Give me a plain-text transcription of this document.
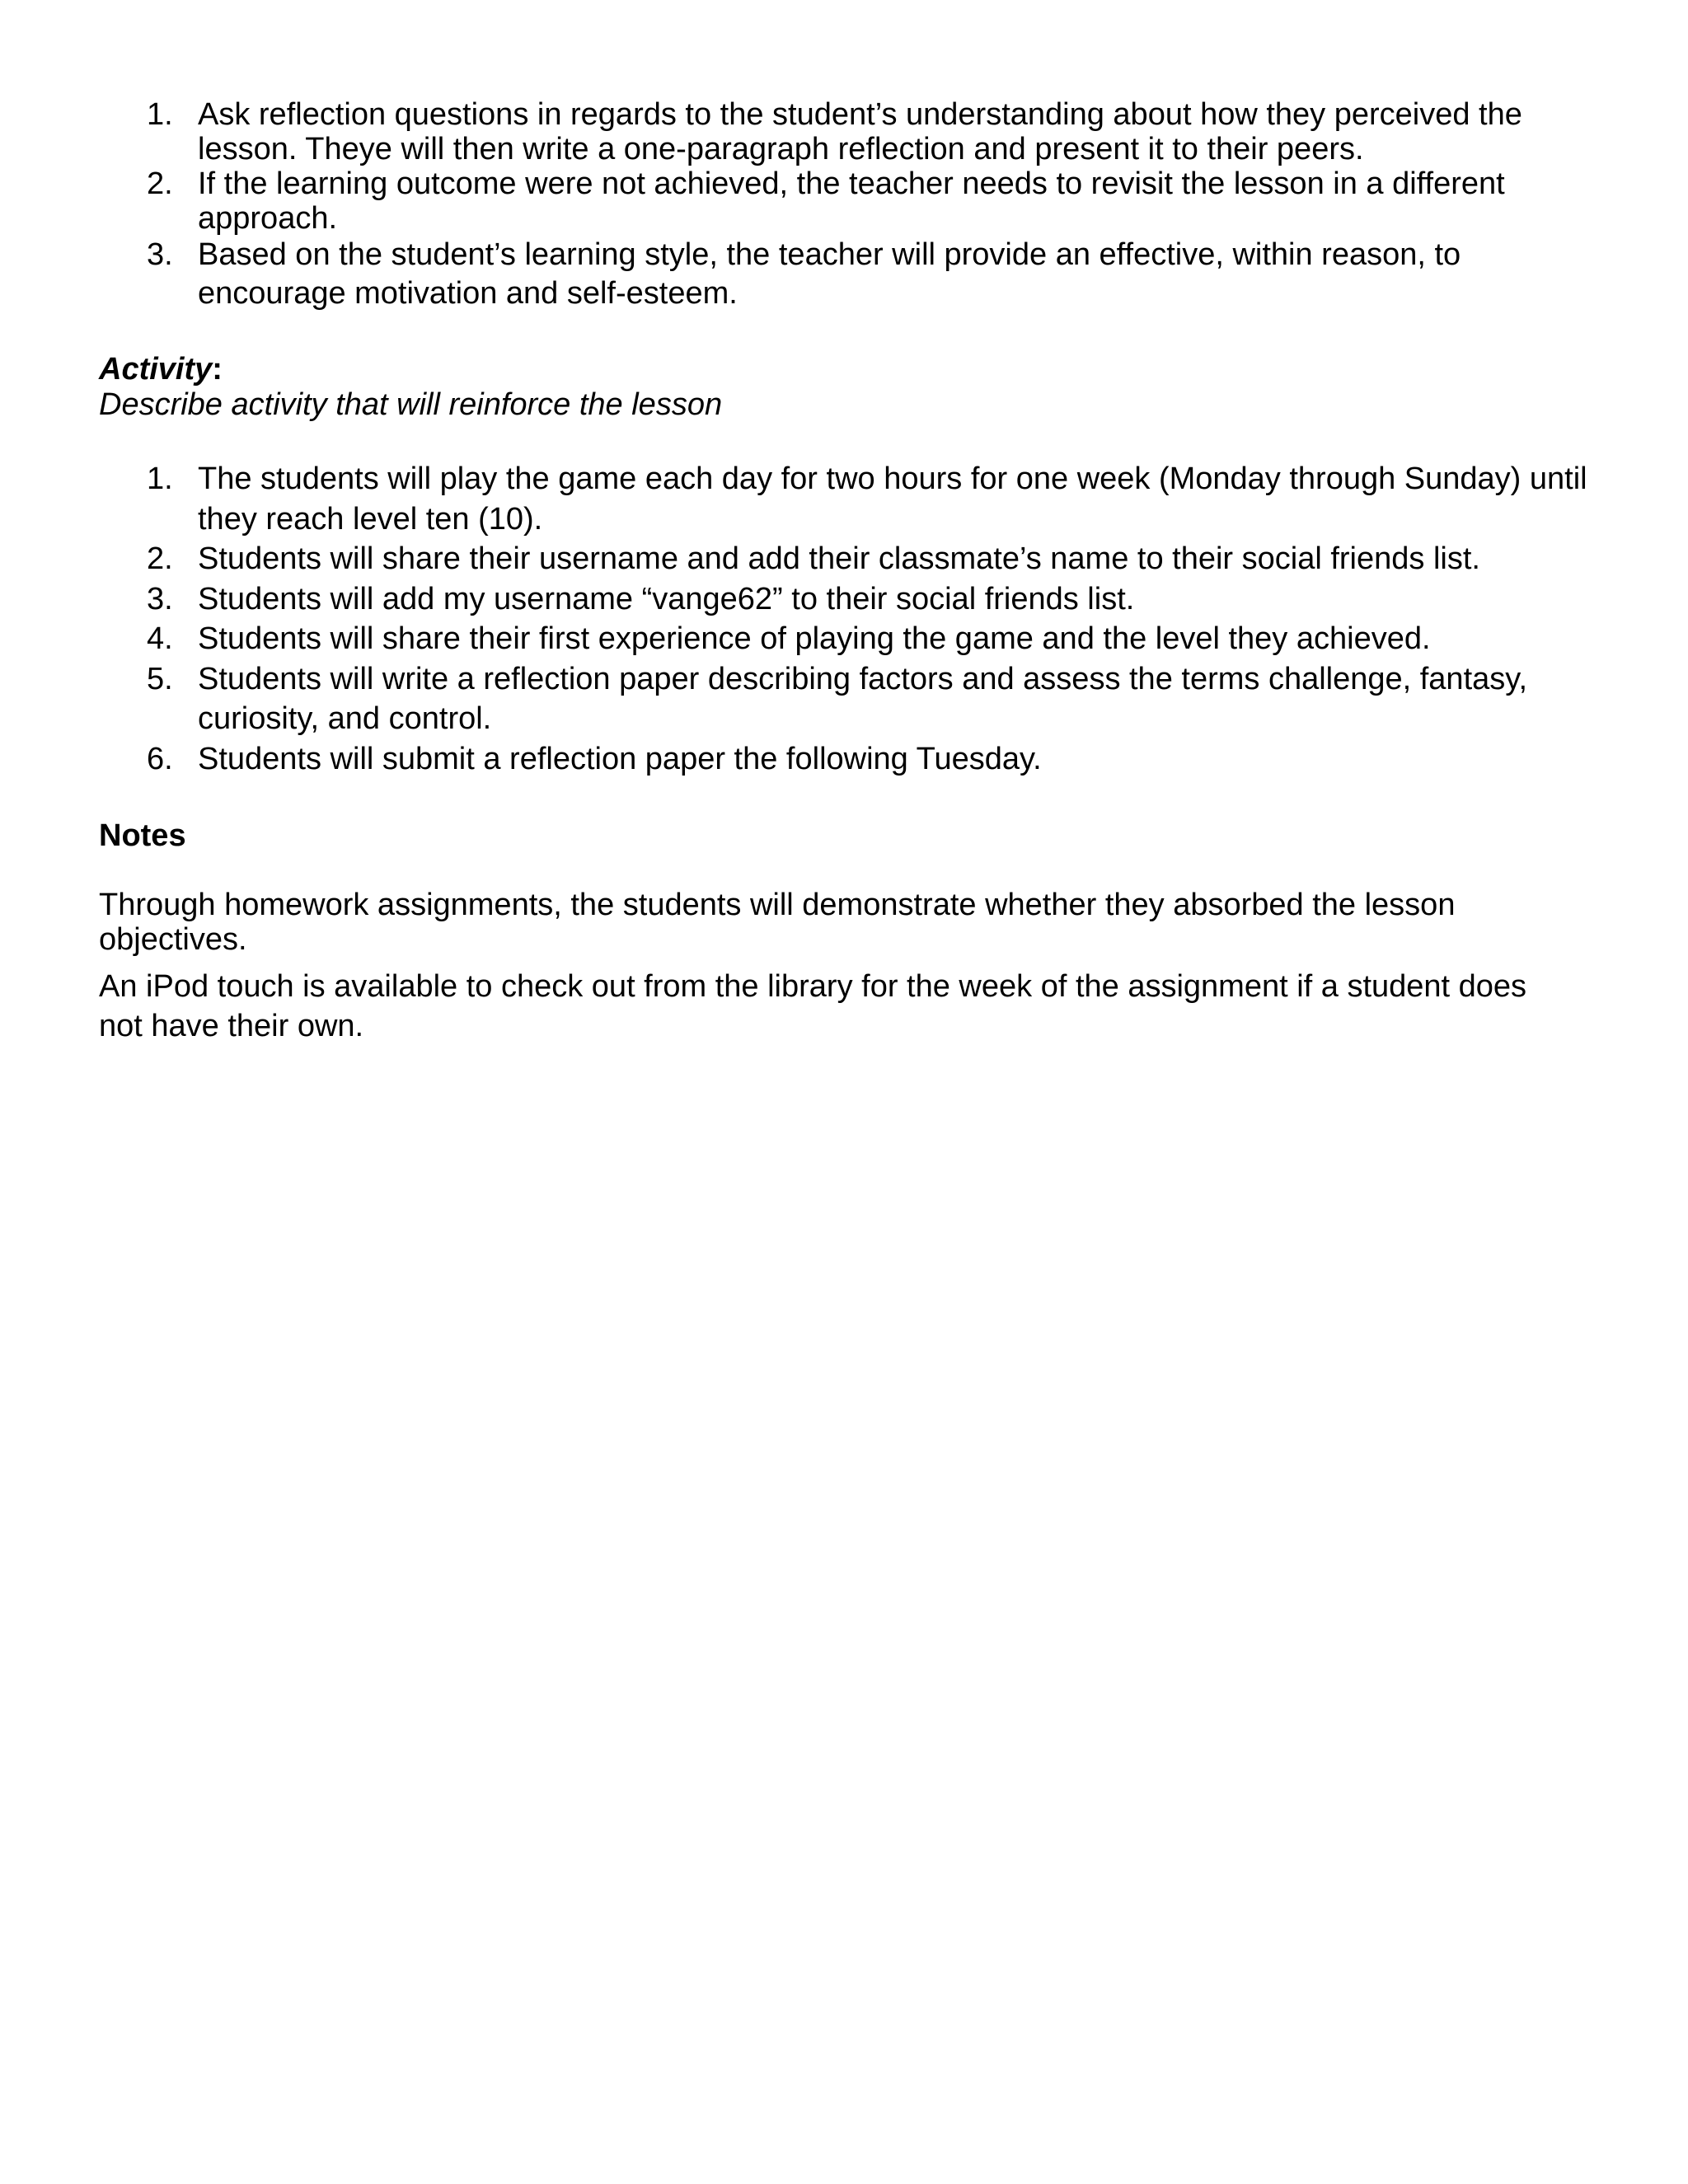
1. Ask reflection questions in regards to the student’s understanding about how they perceived the lesson. Theye will then write a one-paragraph reflection and present it to their peers.
2. If the learning outcome were not achieved, the teacher needs to revisit the lesson in a different approach.
3. Based on the student’s learning style, the teacher will provide an effective, within reason, to encourage motivation and self-esteem.
Activity:
Describe activity that will reinforce the lesson
1. The students will play the game each day for two hours for one week (Monday through Sunday) until they reach level ten (10).
2. Students will share their username and add their classmate’s name to their social friends list.
3. Students will add my username “vange62” to their social friends list.
4. Students will share their first experience of playing the game and the level they achieved.
5. Students will write a reflection paper describing factors and assess the terms challenge, fantasy, curiosity, and control.
6. Students will submit a reflection paper the following Tuesday.
Notes
Through homework assignments, the students will demonstrate whether they absorbed the lesson objectives.
An iPod touch is available to check out from the library for the week of the assignment if a student does not have their own.
